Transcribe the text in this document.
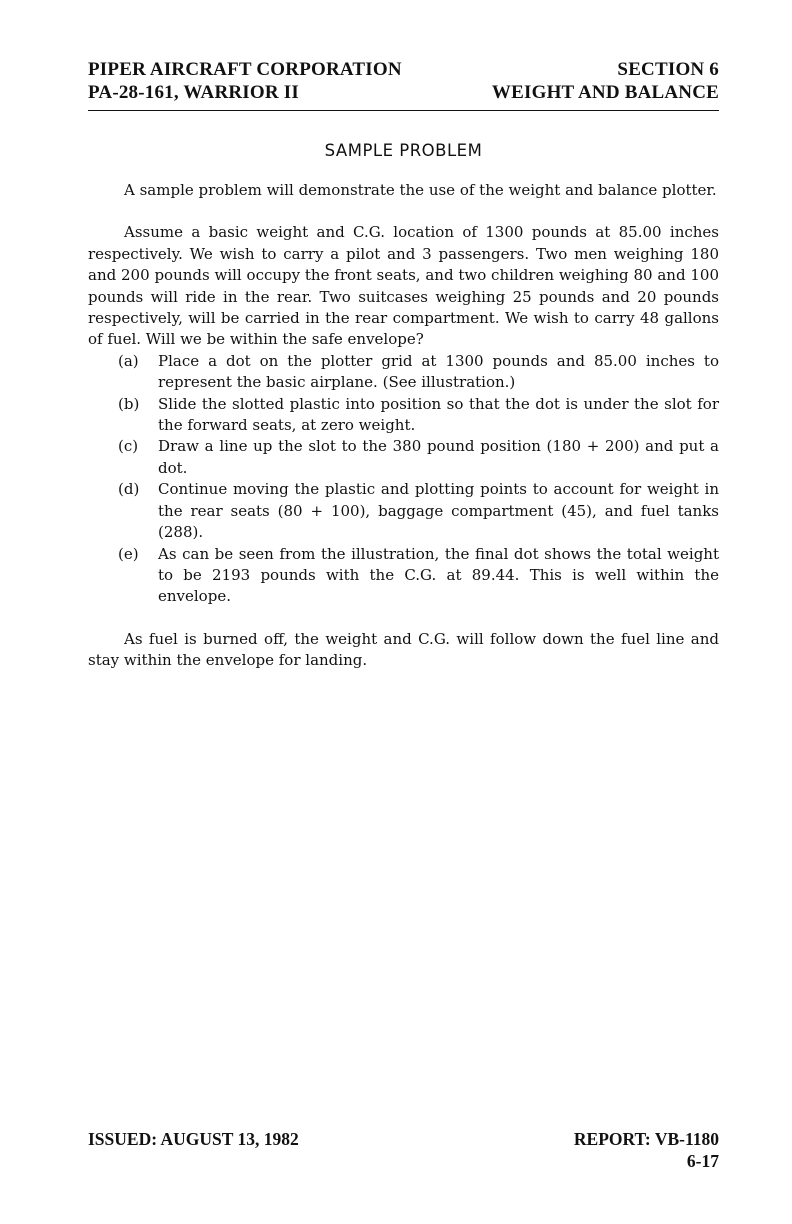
PIPER AIRCRAFT CORPORATION
PA-28-161, WARRIOR II
SECTION 6
WEIGHT AND BALANCE
SAMPLE PROBLEM

A sample problem will demonstrate the use of the weight and balance plotter.

Assume a basic weight and C.G. location of 1300 pounds at 85.00 inches respectively. We wish to carry a pilot and 3 passengers. Two men weighing 180 and 200 pounds will occupy the front seats, and two children weighing 80 and 100 pounds will ride in the rear. Two suitcases weighing 25 pounds and 20 pounds respectively, will be carried in the rear compartment. We wish to carry 48 gallons of fuel. Will we be within the safe envelope?

(a)	Place a dot on the plotter grid at 1300 pounds and 85.00 inches to represent the basic airplane. (See illustration.)
(b)	Slide the slotted plastic into position so that the dot is under the slot for the forward seats, at zero weight.
(c)	Draw a line up the slot to the 380 pound position (180 + 200) and put a dot.
(d)	Continue moving the plastic and plotting points to account for weight in the rear seats (80 + 100), baggage compartment (45), and fuel tanks (288).
(e)	As can be seen from the illustration, the final dot shows the total weight to be 2193 pounds with the C.G. at 89.44. This is well within the envelope.

As fuel is burned off, the weight and C.G. will follow down the fuel line and stay within the envelope for landing.

ISSUED: AUGUST 13, 1982	REPORT: VB-1180
6-17
